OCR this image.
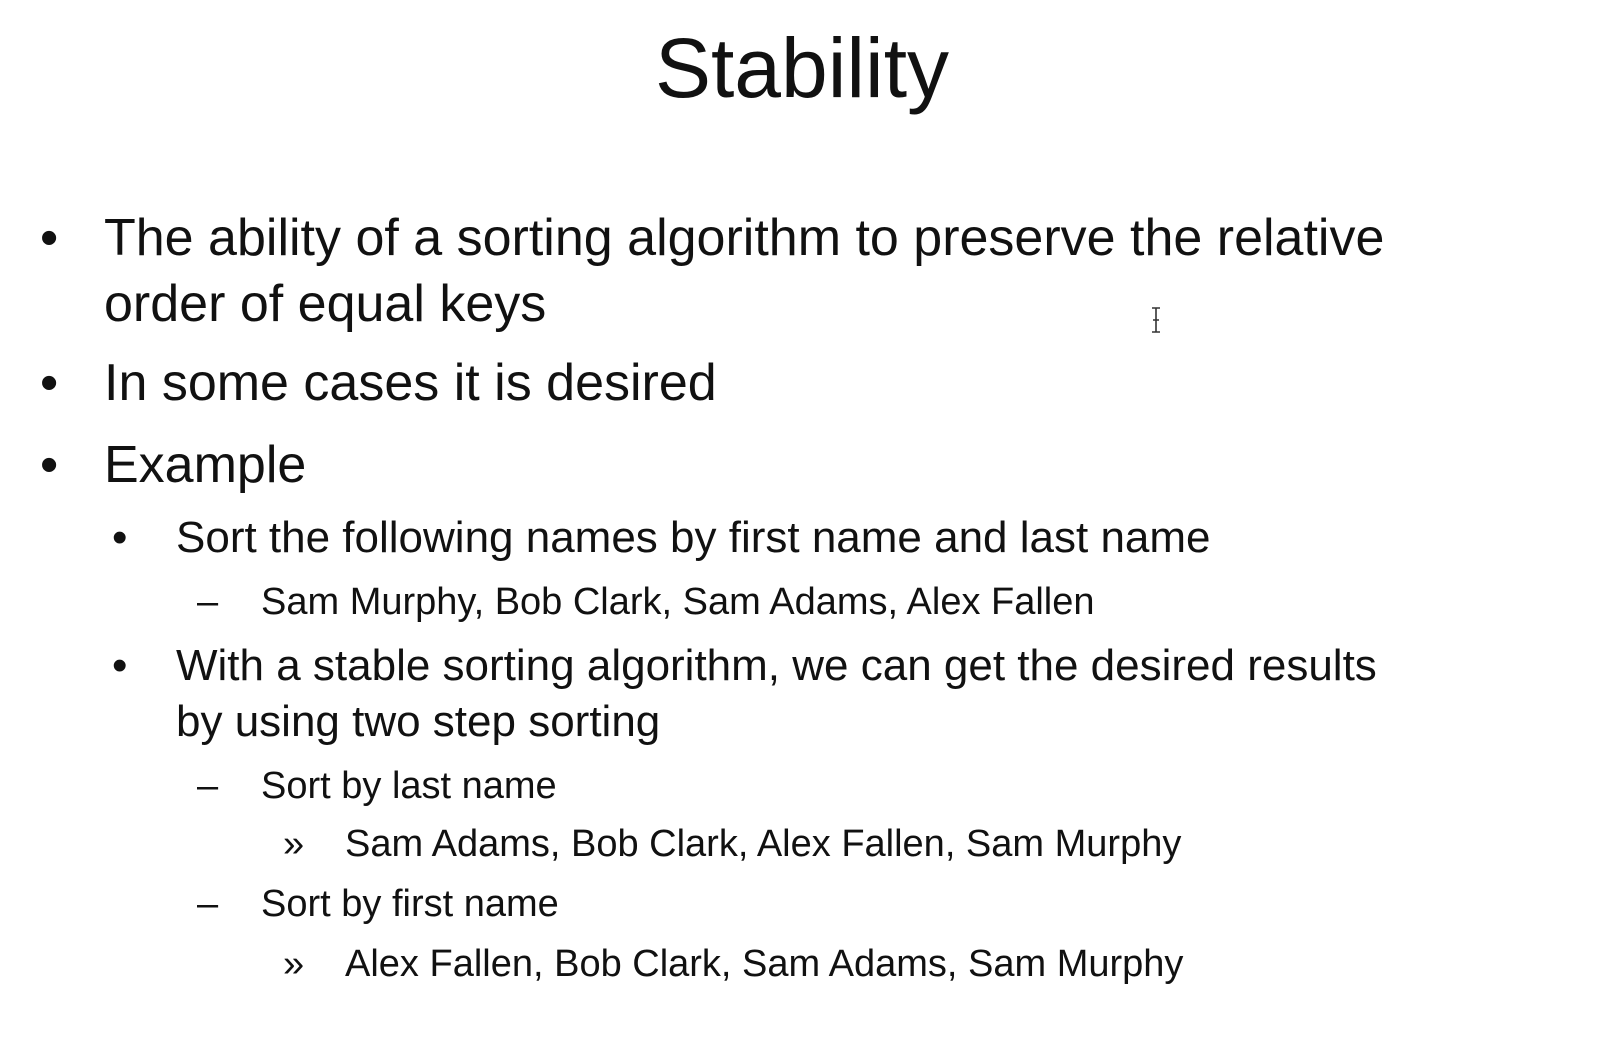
Stability
• The ability of a sorting algorithm to preserve the relative
order of equal keys
• In some cases it is desired
• Example
• Sort the following names by first name and last name
– Sam Murphy, Bob Clark, Sam Adams, Alex Fallen
• With a stable sorting algorithm, we can get the desired results
by using two step sorting
– Sort by last name
» Sam Adams, Bob Clark, Alex Fallen, Sam Murphy
– Sort by first name
» Alex Fallen, Bob Clark, Sam Adams, Sam Murphy
